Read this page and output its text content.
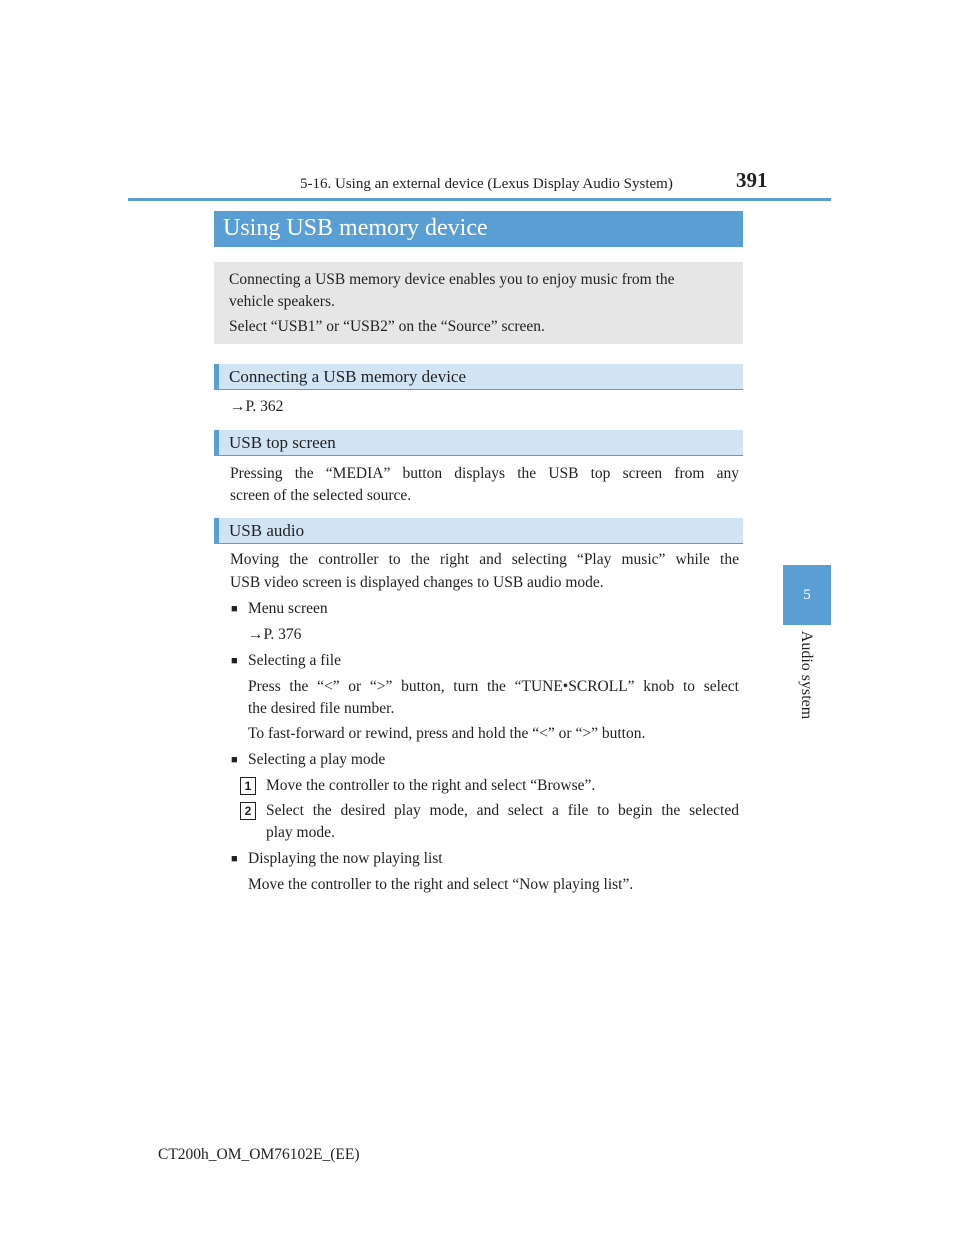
5-16. Using an external device (Lexus Display Audio System)	391
5
Audio system
Using USB memory device
Connecting a USB memory device enables you to enjoy music from the
vehicle speakers.
Select “USB1” or “USB2” on the “Source” screen.
Connecting a USB memory device
→P. 362
USB top screen
Pressing the “MEDIA” button displays the USB top screen from any
screen of the selected source.
USB audio
Moving the controller to the right and selecting “Play music” while the
USB video screen is displayed changes to USB audio mode.
■ Menu screen
→P. 376
■ Selecting a file
Press the “<” or “>” button, turn the “TUNE•SCROLL” knob to select
the desired file number.
To fast-forward or rewind, press and hold the “<” or “>” button.
■ Selecting a play mode
1 Move the controller to the right and select “Browse”.
2 Select the desired play mode, and select a file to begin the selected
play mode.
■ Displaying the now playing list
Move the controller to the right and select “Now playing list”.
CT200h_OM_OM76102E_(EE)
